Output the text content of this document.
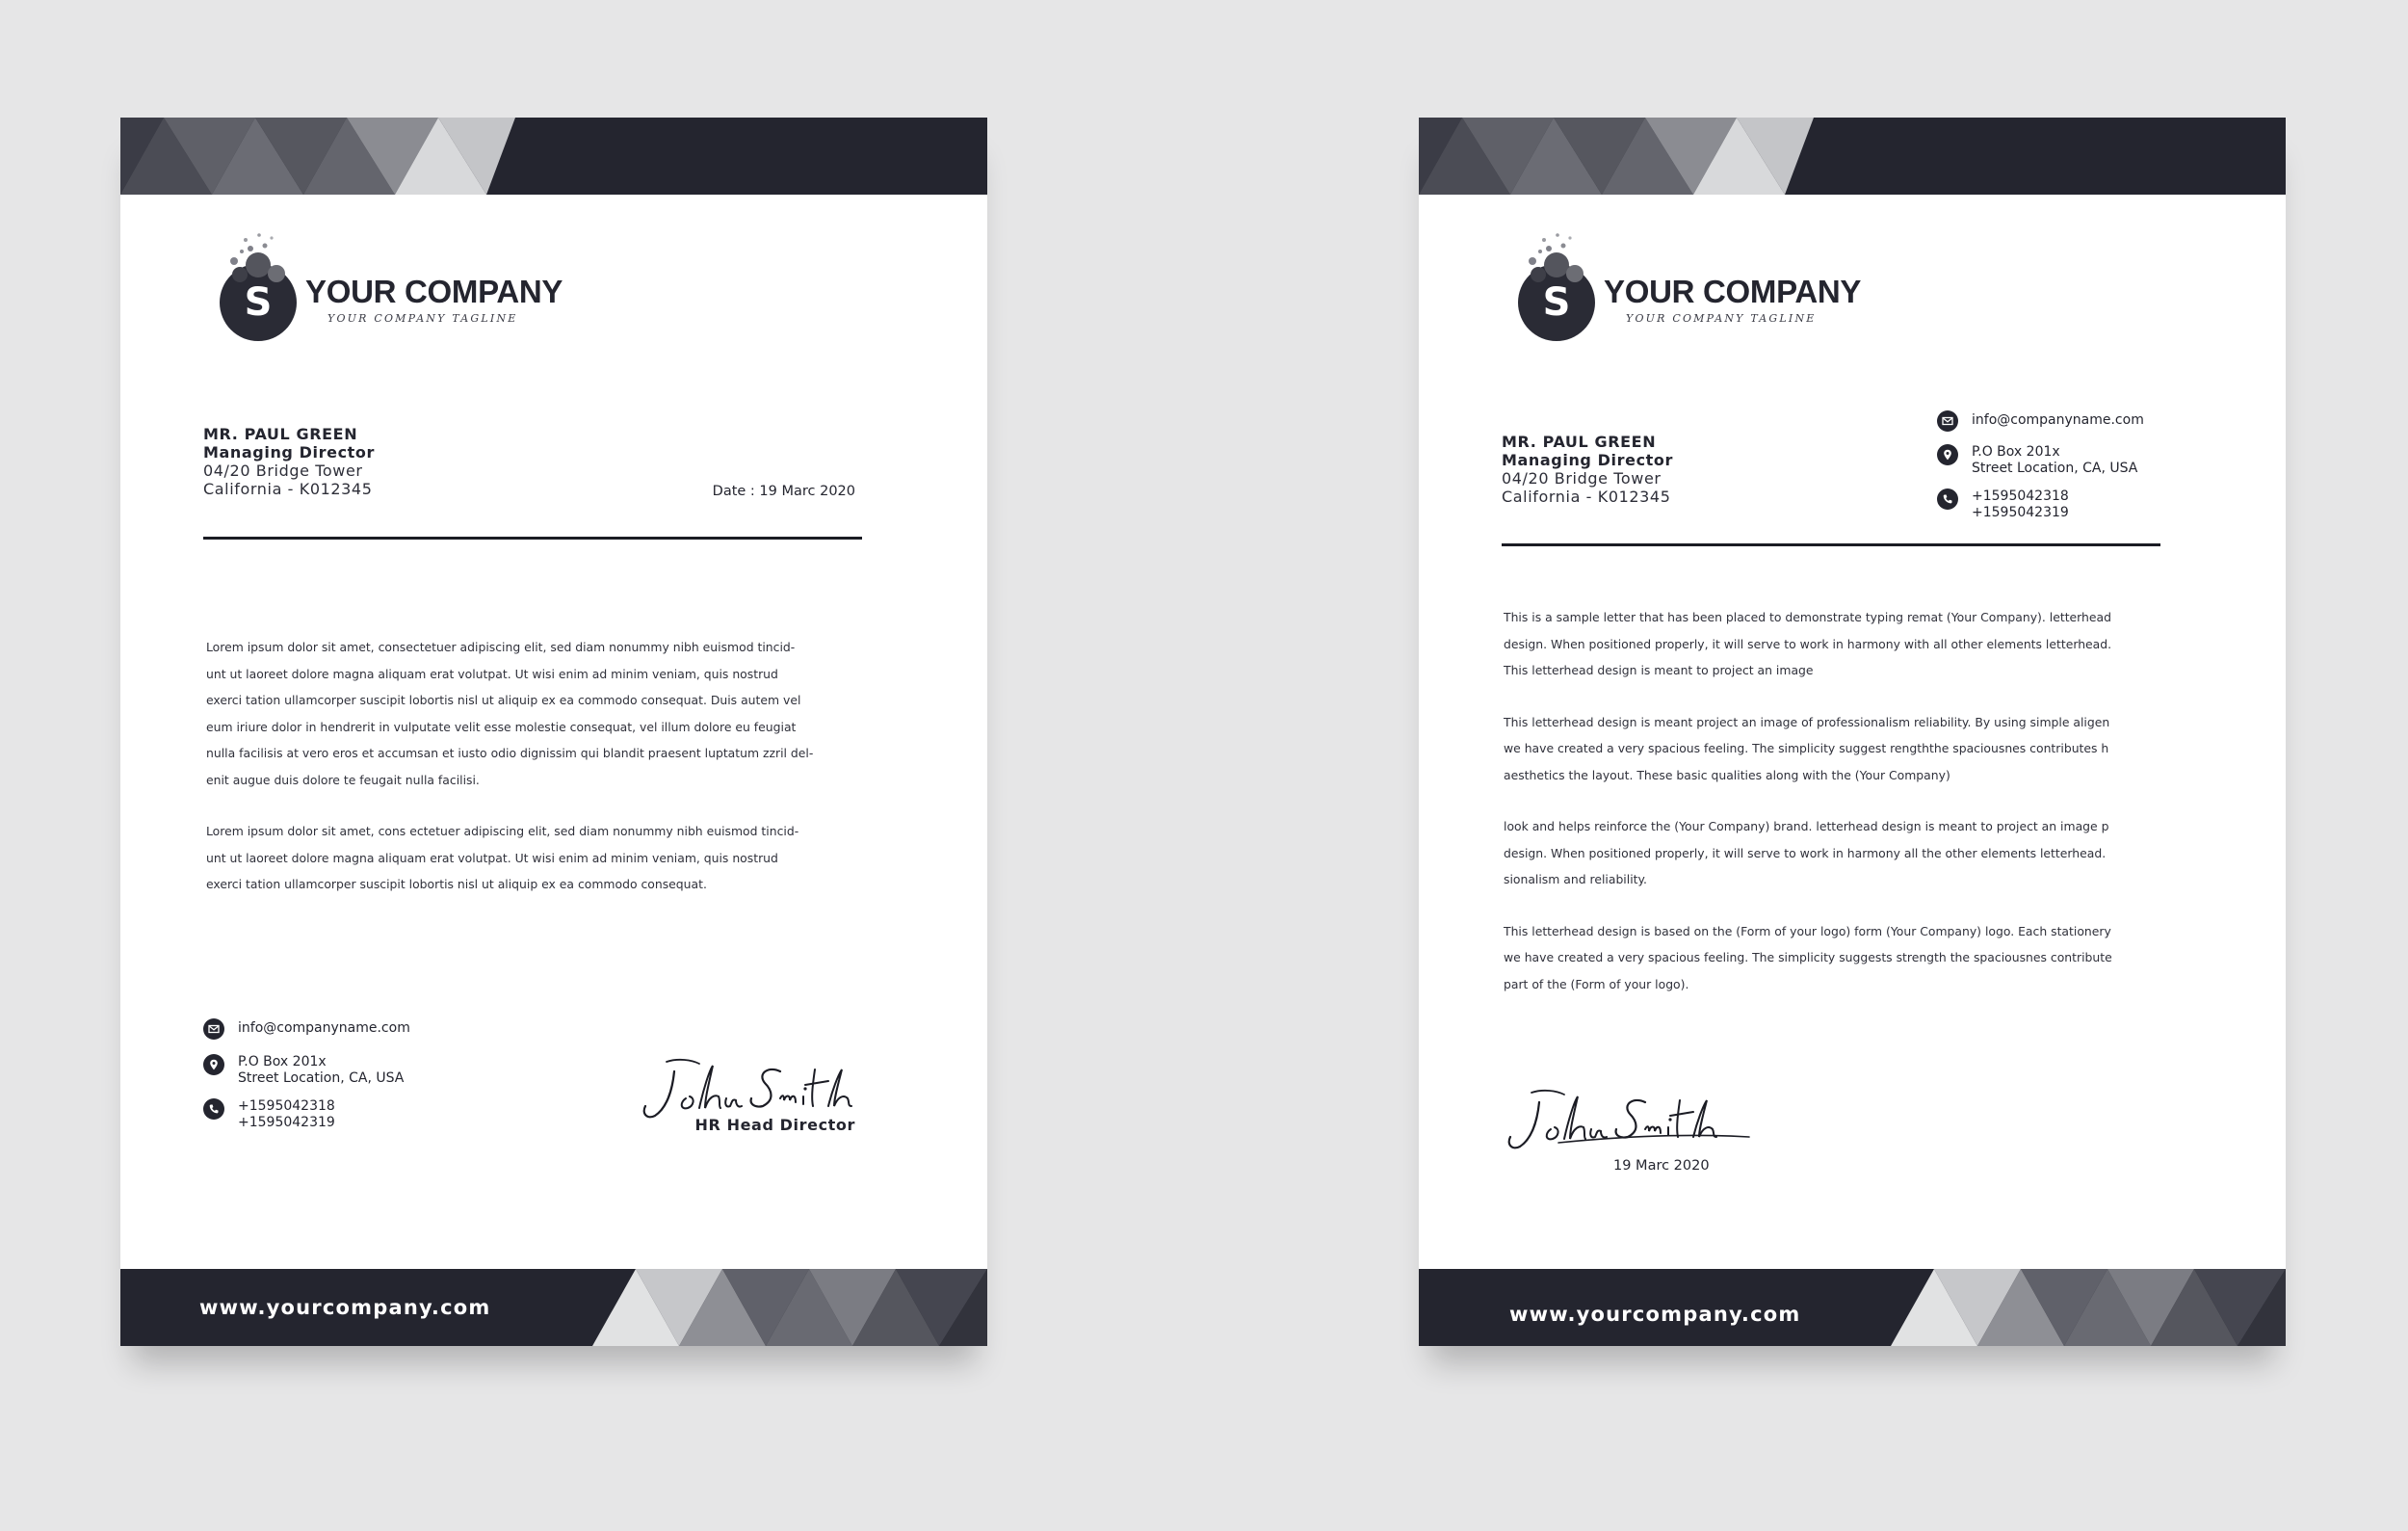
S	YOUR COMPANY
YOUR COMPANY TAGLINE
MR. PAUL GREEN
Managing Director
04/20 Bridge Tower
California - K012345	Date : 19 Marc 2020

Lorem ipsum dolor sit amet, consectetuer adipiscing elit, sed diam nonummy nibh euismod tincid-

unt ut laoreet dolore magna aliquam erat volutpat. Ut wisi enim ad minim veniam, quis nostrud

exerci tation ullamcorper suscipit lobortis nisl ut aliquip ex ea commodo consequat. Duis autem vel

eum iriure dolor in hendrerit in vulputate velit esse molestie consequat, vel illum dolore eu feugiat

nulla facilisis at vero eros et accumsan et iusto odio dignissim qui blandit praesent luptatum zzril del-

enit augue duis dolore te feugait nulla facilisi.

Lorem ipsum dolor sit amet, cons ectetuer adipiscing elit, sed diam nonummy nibh euismod tincid-

unt ut laoreet dolore magna aliquam erat volutpat. Ut wisi enim ad minim veniam, quis nostrud

exerci tation ullamcorper suscipit lobortis nisl ut aliquip ex ea commodo consequat.

info@companyname.com
P.O Box 201x
Street Location, CA, USA
+1595042318
+1595042319	HR Head Director
www.yourcompany.com
S	YOUR COMPANY
YOUR COMPANY TAGLINE
MR. PAUL GREEN
Managing Director
04/20 Bridge Tower
California - K012345
info@companyname.com
P.O Box 201x
Street Location, CA, USA
+1595042318
+1595042319

This is a sample letter that has been placed to demonstrate typing remat (Your Company). letterhead

design. When positioned properly, it will serve to work in harmony with all other elements letterhead.

This letterhead design is meant to project an image

This letterhead design is meant project an image of professionalism reliability. By using simple aligen

we have created a very spacious feeling. The simplicity suggest rengththe spaciousnes contributes h

aesthetics the layout. These basic qualities along with the (Your Company)

look and helps reinforce the (Your Company) brand. letterhead design is meant to project an image p

design. When positioned properly, it will serve to work in harmony all the other elements letterhead.

sionalism and reliability.

This letterhead design is based on the (Form of your logo) form (Your Company) logo. Each stationery

we have created a very spacious feeling. The simplicity suggests strength the spaciousnes contribute

part of the (Form of your logo).

19 Marc 2020
www.yourcompany.com
